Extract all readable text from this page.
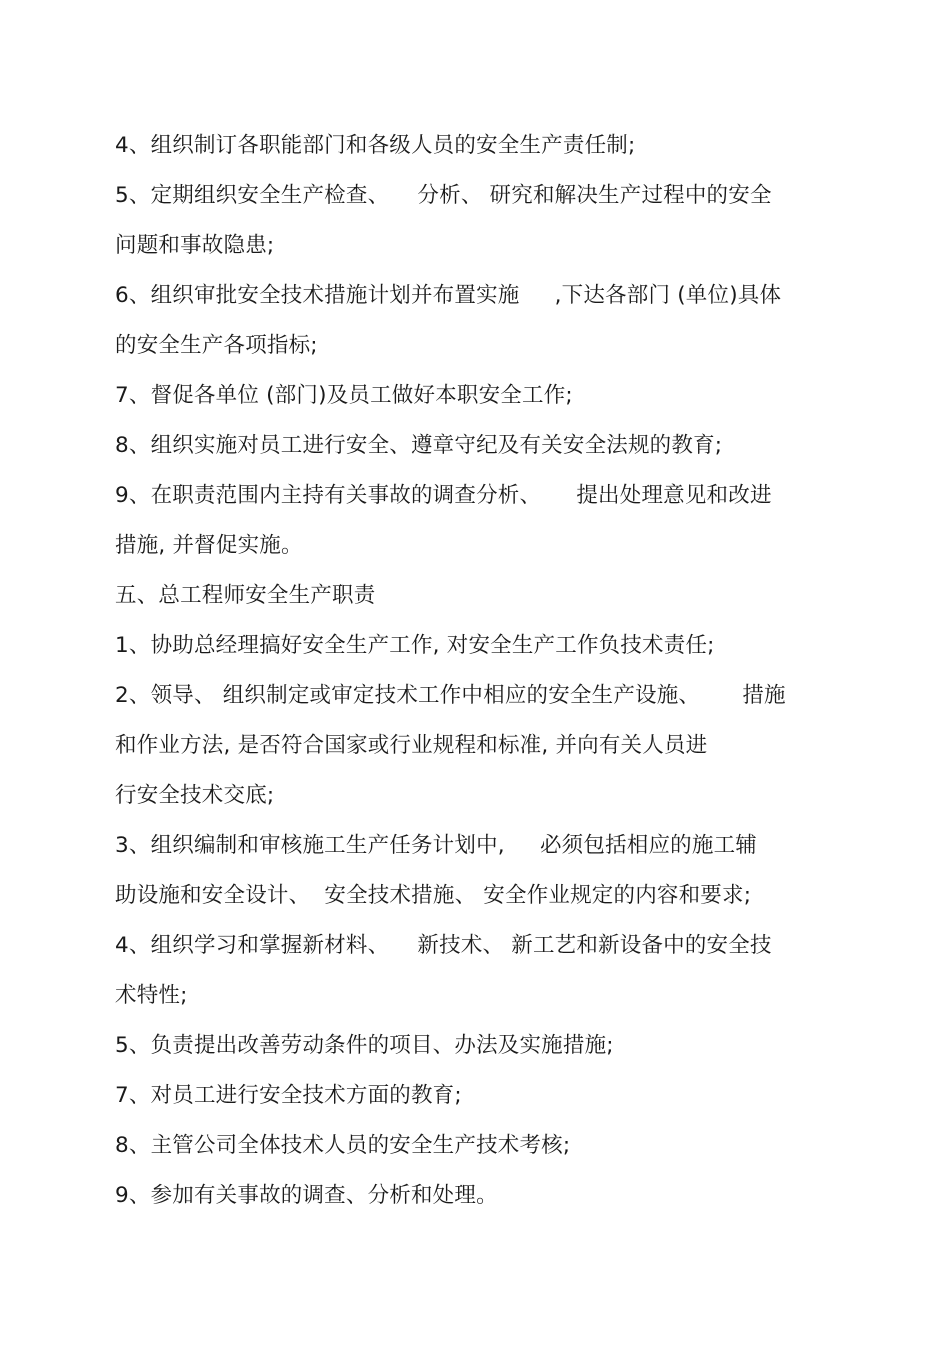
4、组织制订各职能部门和各级人员的安全生产责任制;
5、定期组织安全生产检查、    分析、 研究和解决生产过程中的安全
问题和事故隐患;
6、组织审批安全技术措施计划并布置实施     ,下达各部门 (单位)具体
的安全生产各项指标;
7、督促各单位 (部门)及员工做好本职安全工作;
8、组织实施对员工进行安全、遵章守纪及有关安全法规的教育;
9、在职责范围内主持有关事故的调查分析、     提出处理意见和改进
措施, 并督促实施。
五、总工程师安全生产职责
1、协助总经理搞好安全生产工作, 对安全生产工作负技术责任;
2、领导、 组织制定或审定技术工作中相应的安全生产设施、      措施
和作业方法, 是否符合国家或行业规程和标准, 并向有关人员进
行安全技术交底;
3、组织编制和审核施工生产任务计划中,     必须包括相应的施工辅
助设施和安全设计、  安全技术措施、 安全作业规定的内容和要求;
4、组织学习和掌握新材料、    新技术、 新工艺和新设备中的安全技
术特性;
5、负责提出改善劳动条件的项目、办法及实施措施;
7、对员工进行安全技术方面的教育;
8、主管公司全体技术人员的安全生产技术考核;
9、参加有关事故的调查、分析和处理。
